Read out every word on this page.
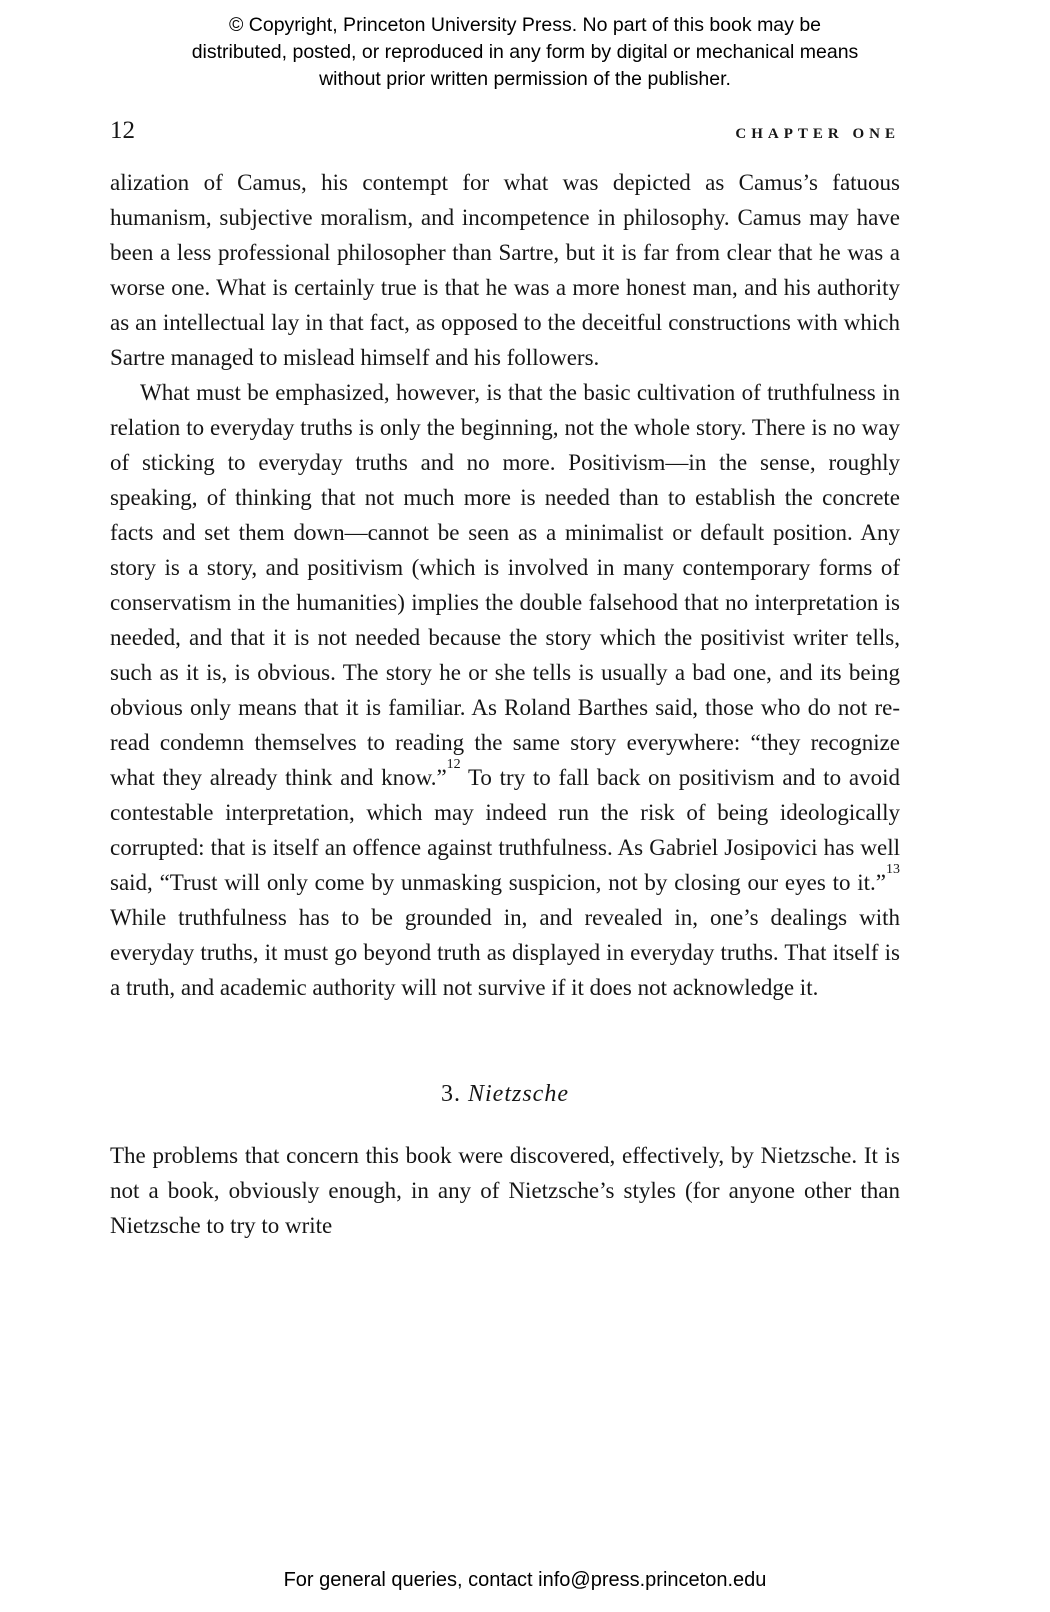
© Copyright, Princeton University Press. No part of this book may be distributed, posted, or reproduced in any form by digital or mechanical means without prior written permission of the publisher.
12	CHAPTER ONE

alization of Camus, his contempt for what was depicted as Camus’s fatuous humanism, subjective moralism, and incompetence in philosophy. Camus may have been a less professional philosopher than Sartre, but it is far from clear that he was a worse one. What is certainly true is that he was a more honest man, and his authority as an intellectual lay in that fact, as opposed to the deceitful constructions with which Sartre managed to mislead himself and his followers.

What must be emphasized, however, is that the basic cultivation of truthfulness in relation to everyday truths is only the beginning, not the whole story. There is no way of sticking to everyday truths and no more. Positivism—in the sense, roughly speaking, of thinking that not much more is needed than to establish the concrete facts and set them down—cannot be seen as a minimalist or default position. Any story is a story, and positivism (which is involved in many contemporary forms of conservatism in the humanities) implies the double falsehood that no interpretation is needed, and that it is not needed because the story which the positivist writer tells, such as it is, is obvious. The story he or she tells is usually a bad one, and its being obvious only means that it is familiar. As Roland Barthes said, those who do not re-read condemn themselves to reading the same story everywhere: “they recognize what they already think and know.”$^{12}$ To try to fall back on positivism and to avoid contestable interpretation, which may indeed run the risk of being ideologically corrupted: that is itself an offence against truthfulness. As Gabriel Josipovici has well said, “Trust will only come by unmasking suspicion, not by closing our eyes to it.”$^{13}$ While truthfulness has to be grounded in, and revealed in, one’s dealings with everyday truths, it must go beyond truth as displayed in everyday truths. That itself is a truth, and academic authority will not survive if it does not acknowledge it.

3. Nietzsche

The problems that concern this book were discovered, effectively, by Nietzsche. It is not a book, obviously enough, in any of Nietzsche’s styles (for anyone other than Nietzsche to try to write

For general queries, contact info@press.princeton.edu
